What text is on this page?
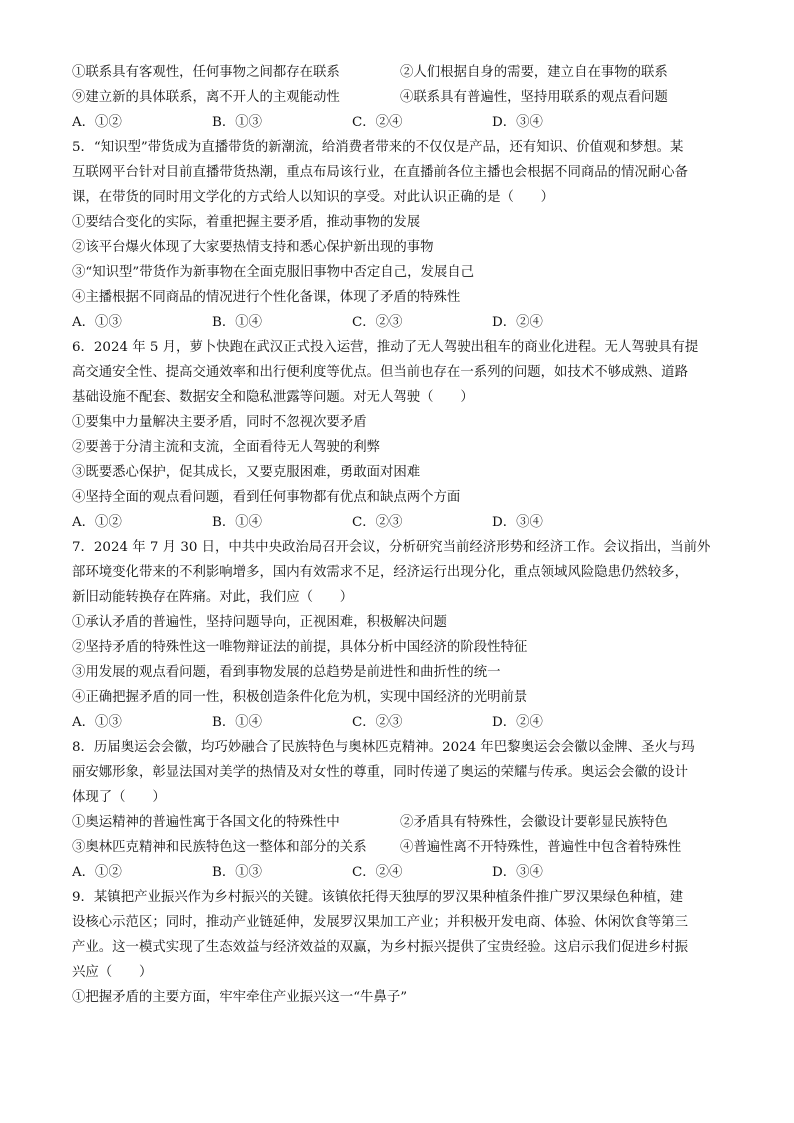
①联系具有客观性，任何事物之间都存在联系	②人们根据自身的需要，建立自在事物的联系
⑨建立新的具体联系，离不开人的主观能动性	④联系具有普遍性，坚持用联系的观点看问题
A．①②	B．①③	C．②④	D．③④
5．“知识型”带货成为直播带货的新潮流，给消费者带来的不仅仅是产品，还有知识、价值观和梦想。某
互联网平台针对目前直播带货热潮，重点布局该行业，在直播前各位主播也会根据不同商品的情况耐心备
课，在带货的同时用文学化的方式给人以知识的享受。对此认识正确的是（　　）
①要结合变化的实际，着重把握主要矛盾，推动事物的发展
②该平台爆火体现了大家要热情支持和悉心保护新出现的事物
③“知识型”带货作为新事物在全面克服旧事物中否定自己，发展自己
④主播根据不同商品的情况进行个性化备课，体现了矛盾的特殊性
A．①③	B．①④	C．②③	D．②④
6．2024 年 5 月，萝卜快跑在武汉正式投入运营，推动了无人驾驶出租车的商业化进程。无人驾驶具有提
高交通安全性、提高交通效率和出行便利度等优点。但当前也存在一系列的问题，如技术不够成熟、道路
基础设施不配套、数据安全和隐私泄露等问题。对无人驾驶（　　）
①要集中力量解决主要矛盾，同时不忽视次要矛盾
②要善于分清主流和支流，全面看待无人驾驶的利弊
③既要悉心保护，促其成长，又要克服困难，勇敢面对困难
④坚持全面的观点看问题，看到任何事物都有优点和缺点两个方面
A．①②	B．①④	C．②③	D．③④
7．2024 年 7 月 30 日，中共中央政治局召开会议，分析研究当前经济形势和经济工作。会议指出，当前外
部环境变化带来的不利影响增多，国内有效需求不足，经济运行出现分化，重点领域风险隐患仍然较多，
新旧动能转换存在阵痛。对此，我们应（　　）
①承认矛盾的普遍性，坚持问题导向，正视困难，积极解决问题
②坚持矛盾的特殊性这一唯物辩证法的前提，具体分析中国经济的阶段性特征
③用发展的观点看问题，看到事物发展的总趋势是前进性和曲折性的统一
④正确把握矛盾的同一性，积极创造条件化危为机，实现中国经济的光明前景
A．①③	B．①④	C．②③	D．②④
8．历届奥运会会徽，均巧妙融合了民族特色与奥林匹克精神。2024 年巴黎奥运会会徽以金牌、圣火与玛
丽安娜形象，彰显法国对美学的热情及对女性的尊重，同时传递了奥运的荣耀与传承。奥运会会徽的设计
体现了（　　）
①奥运精神的普遍性寓于各国文化的特殊性中	②矛盾具有特殊性，会徽设计要彰显民族特色
③奥林匹克精神和民族特色这一整体和部分的关系	④普遍性离不开特殊性，普遍性中包含着特殊性
A．①②	B．①③	C．②④	D．③④
9．某镇把产业振兴作为乡村振兴的关键。该镇依托得天独厚的罗汉果种植条件推广罗汉果绿色种植，建
设核心示范区；同时，推动产业链延伸，发展罗汉果加工产业；并积极开发电商、体验、休闲饮食等第三
产业。这一模式实现了生态效益与经济效益的双赢，为乡村振兴提供了宝贵经验。这启示我们促进乡村振
兴应（　　）
①把握矛盾的主要方面，牢牢牵住产业振兴这一“牛鼻子”
